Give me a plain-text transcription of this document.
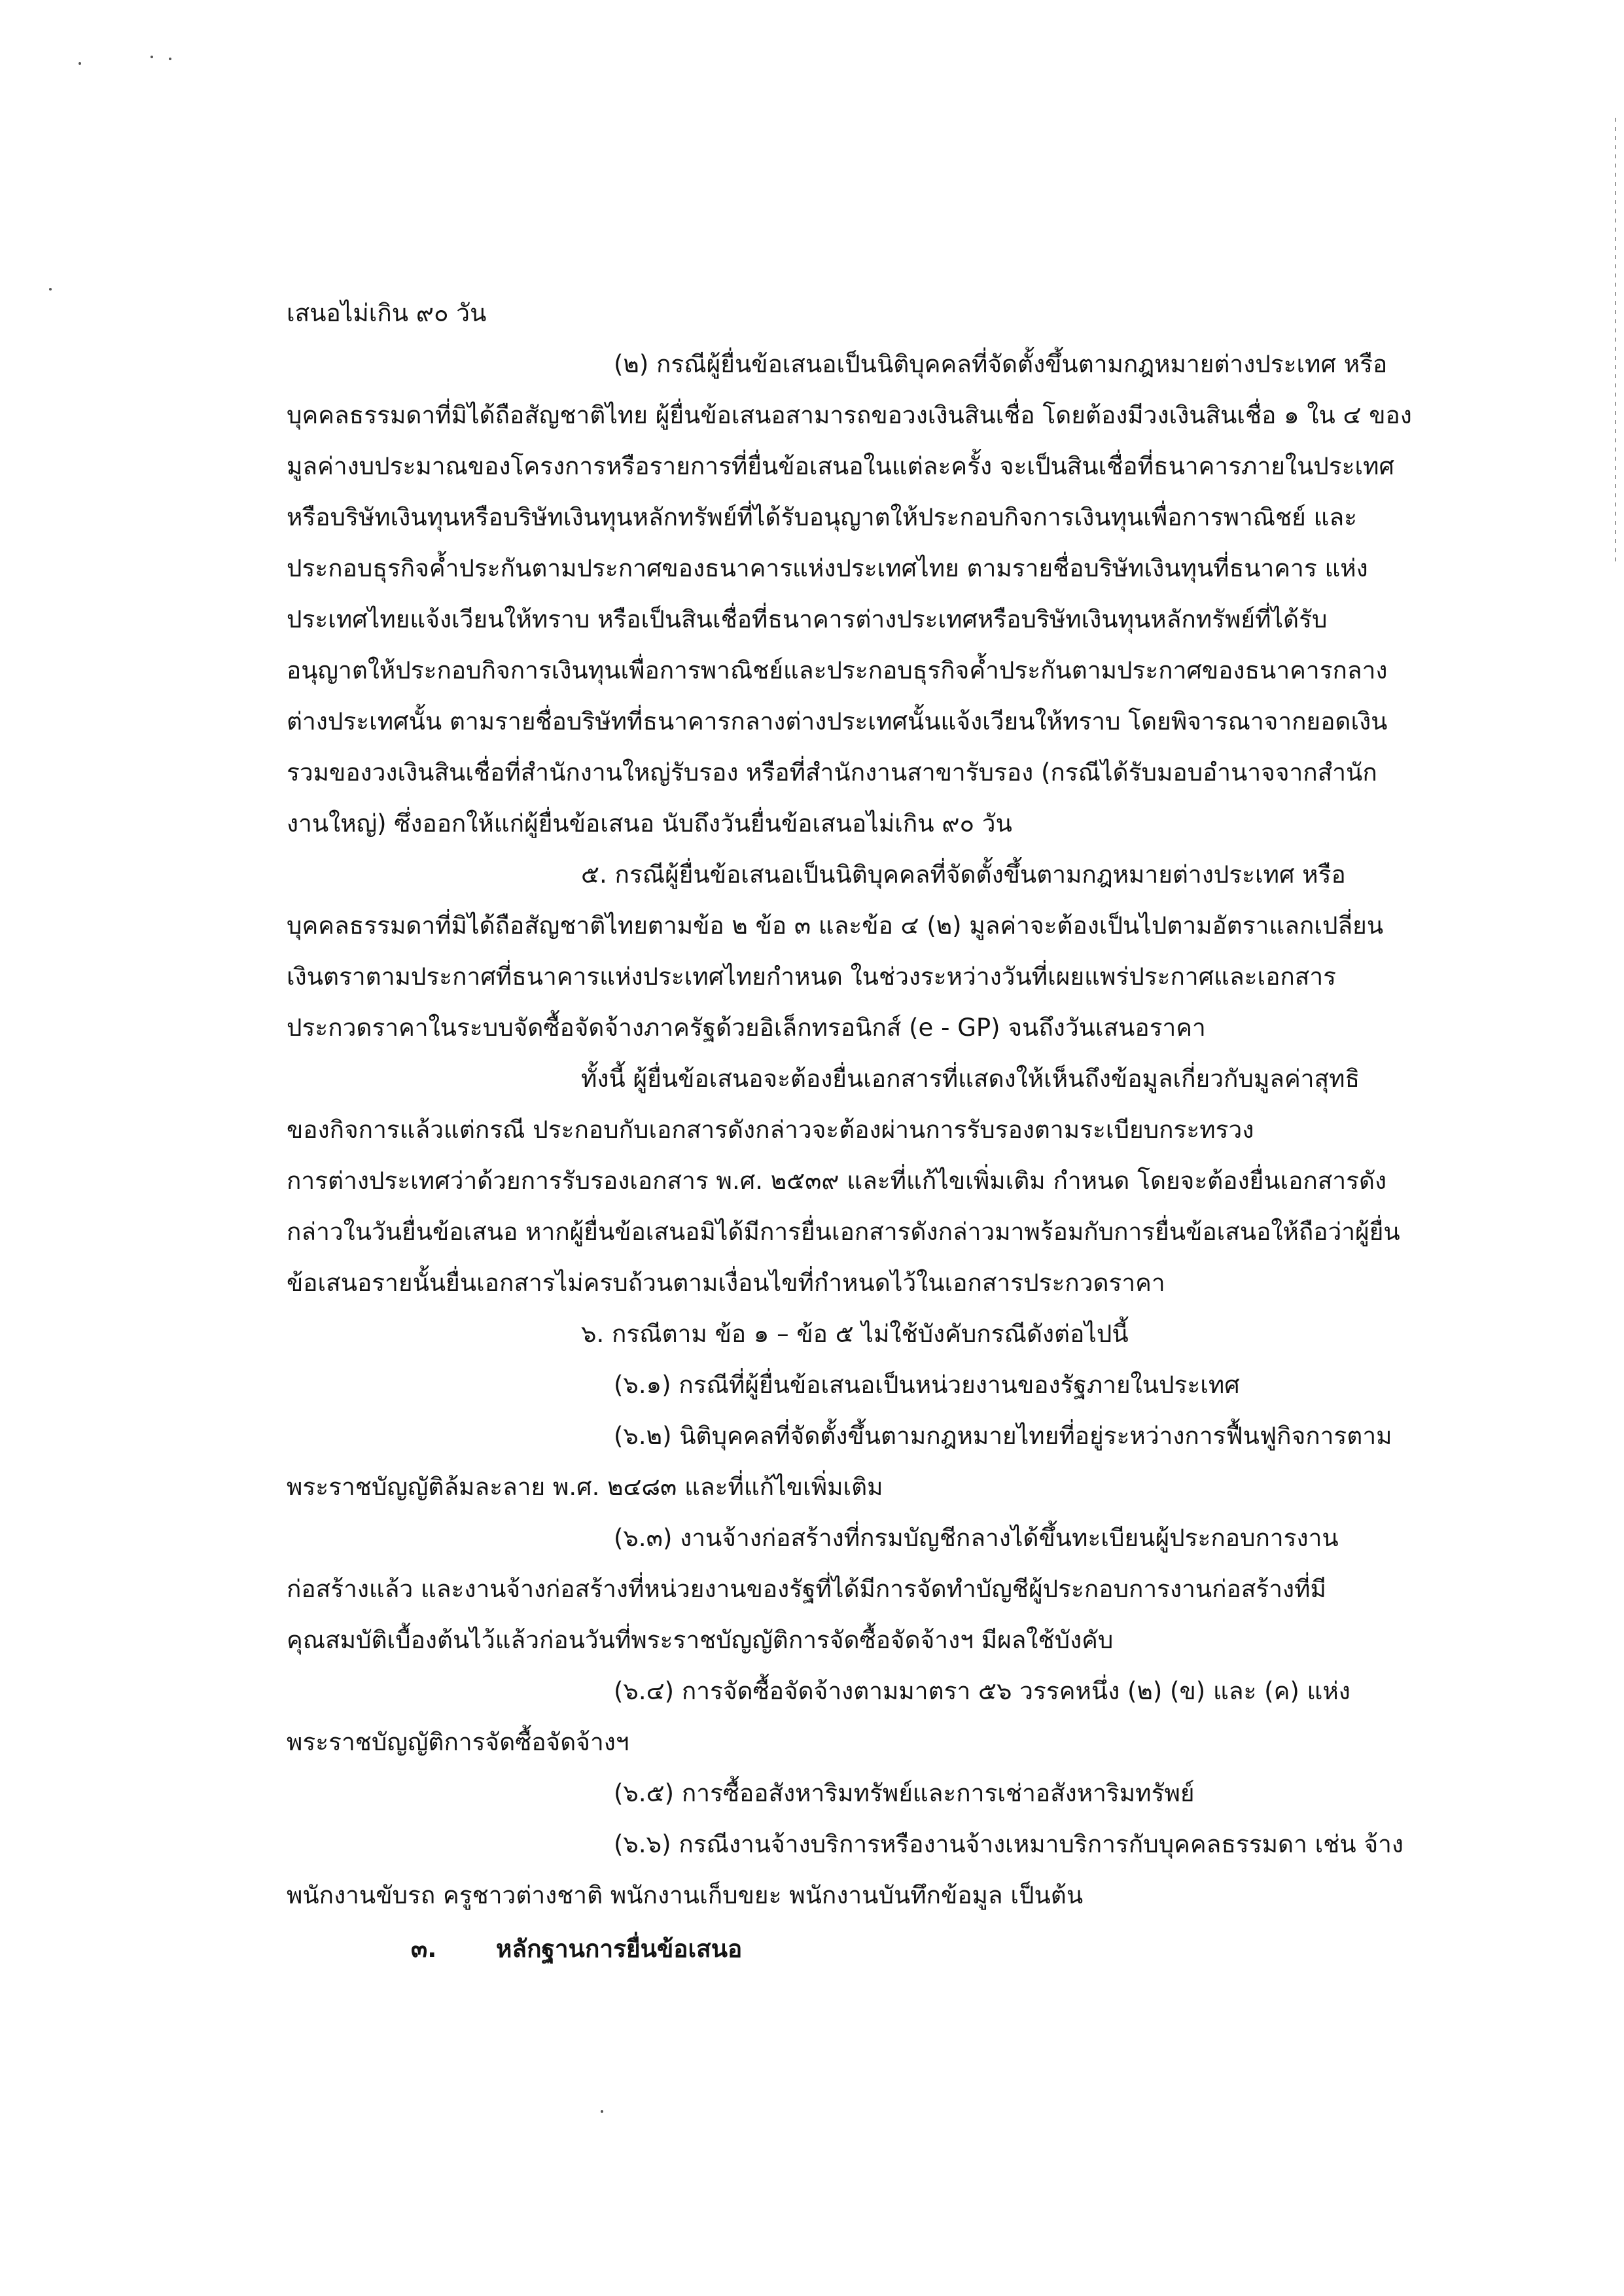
เสนอไม่เกิน ๙๐ วัน
(๒) กรณีผู้ยื่นข้อเสนอเป็นนิติบุคคลที่จัดตั้งขึ้นตามกฎหมายต่างประเทศ หรือ
บุคคลธรรมดาที่มิได้ถือสัญชาติไทย ผู้ยื่นข้อเสนอสามารถขอวงเงินสินเชื่อ โดยต้องมีวงเงินสินเชื่อ ๑ ใน ๔ ของ
มูลค่างบประมาณของโครงการหรือรายการที่ยื่นข้อเสนอในแต่ละครั้ง จะเป็นสินเชื่อที่ธนาคารภายในประเทศ
หรือบริษัทเงินทุนหรือบริษัทเงินทุนหลักทรัพย์ที่ได้รับอนุญาตให้ประกอบกิจการเงินทุนเพื่อการพาณิชย์ และ
ประกอบธุรกิจค้ำประกันตามประกาศของธนาคารแห่งประเทศไทย ตามรายชื่อบริษัทเงินทุนที่ธนาคาร แห่ง
ประเทศไทยแจ้งเวียนให้ทราบ หรือเป็นสินเชื่อที่ธนาคารต่างประเทศหรือบริษัทเงินทุนหลักทรัพย์ที่ได้รับ
อนุญาตให้ประกอบกิจการเงินทุนเพื่อการพาณิชย์และประกอบธุรกิจค้ำประกันตามประกาศของธนาคารกลาง
ต่างประเทศนั้น ตามรายชื่อบริษัทที่ธนาคารกลางต่างประเทศนั้นแจ้งเวียนให้ทราบ โดยพิจารณาจากยอดเงิน
รวมของวงเงินสินเชื่อที่สำนักงานใหญ่รับรอง หรือที่สำนักงานสาขารับรอง (กรณีได้รับมอบอำนาจจากสำนัก
งานใหญ่) ซึ่งออกให้แก่ผู้ยื่นข้อเสนอ นับถึงวันยื่นข้อเสนอไม่เกิน ๙๐ วัน
๕. กรณีผู้ยื่นข้อเสนอเป็นนิติบุคคลที่จัดตั้งขึ้นตามกฎหมายต่างประเทศ หรือ
บุคคลธรรมดาที่มิได้ถือสัญชาติไทยตามข้อ ๒ ข้อ ๓ และข้อ ๔ (๒) มูลค่าจะต้องเป็นไปตามอัตราแลกเปลี่ยน
เงินตราตามประกาศที่ธนาคารแห่งประเทศไทยกำหนด ในช่วงระหว่างวันที่เผยแพร่ประกาศและเอกสาร
ประกวดราคาในระบบจัดซื้อจัดจ้างภาครัฐด้วยอิเล็กทรอนิกส์ (e - GP) จนถึงวันเสนอราคา
ทั้งนี้ ผู้ยื่นข้อเสนอจะต้องยื่นเอกสารที่แสดงให้เห็นถึงข้อมูลเกี่ยวกับมูลค่าสุทธิ
ของกิจการแล้วแต่กรณี ประกอบกับเอกสารดังกล่าวจะต้องผ่านการรับรองตามระเบียบกระทรวง
การต่างประเทศว่าด้วยการรับรองเอกสาร พ.ศ. ๒๕๓๙ และที่แก้ไขเพิ่มเติม กำหนด โดยจะต้องยื่นเอกสารดัง
กล่าวในวันยื่นข้อเสนอ หากผู้ยื่นข้อเสนอมิได้มีการยื่นเอกสารดังกล่าวมาพร้อมกับการยื่นข้อเสนอให้ถือว่าผู้ยื่น
ข้อเสนอรายนั้นยื่นเอกสารไม่ครบถ้วนตามเงื่อนไขที่กำหนดไว้ในเอกสารประกวดราคา
๖. กรณีตาม ข้อ ๑ – ข้อ ๕ ไม่ใช้บังคับกรณีดังต่อไปนี้
(๖.๑) กรณีที่ผู้ยื่นข้อเสนอเป็นหน่วยงานของรัฐภายในประเทศ
(๖.๒) นิติบุคคลที่จัดตั้งขึ้นตามกฎหมายไทยที่อยู่ระหว่างการฟื้นฟูกิจการตาม
พระราชบัญญัติล้มละลาย พ.ศ. ๒๔๘๓ และที่แก้ไขเพิ่มเติม
(๖.๓) งานจ้างก่อสร้างที่กรมบัญชีกลางได้ขึ้นทะเบียนผู้ประกอบการงาน
ก่อสร้างแล้ว และงานจ้างก่อสร้างที่หน่วยงานของรัฐที่ได้มีการจัดทำบัญชีผู้ประกอบการงานก่อสร้างที่มี
คุณสมบัติเบื้องต้นไว้แล้วก่อนวันที่พระราชบัญญัติการจัดซื้อจัดจ้างฯ มีผลใช้บังคับ
(๖.๔) การจัดซื้อจัดจ้างตามมาตรา ๕๖ วรรคหนึ่ง (๒) (ข) และ (ค) แห่ง
พระราชบัญญัติการจัดซื้อจัดจ้างฯ
(๖.๕) การซื้ออสังหาริมทรัพย์และการเช่าอสังหาริมทรัพย์
(๖.๖) กรณีงานจ้างบริการหรืองานจ้างเหมาบริการกับบุคคลธรรมดา เช่น จ้าง
พนักงานขับรถ ครูชาวต่างชาติ พนักงานเก็บขยะ พนักงานบันทึกข้อมูล เป็นต้น
๓. หลักฐานการยื่นข้อเสนอ
